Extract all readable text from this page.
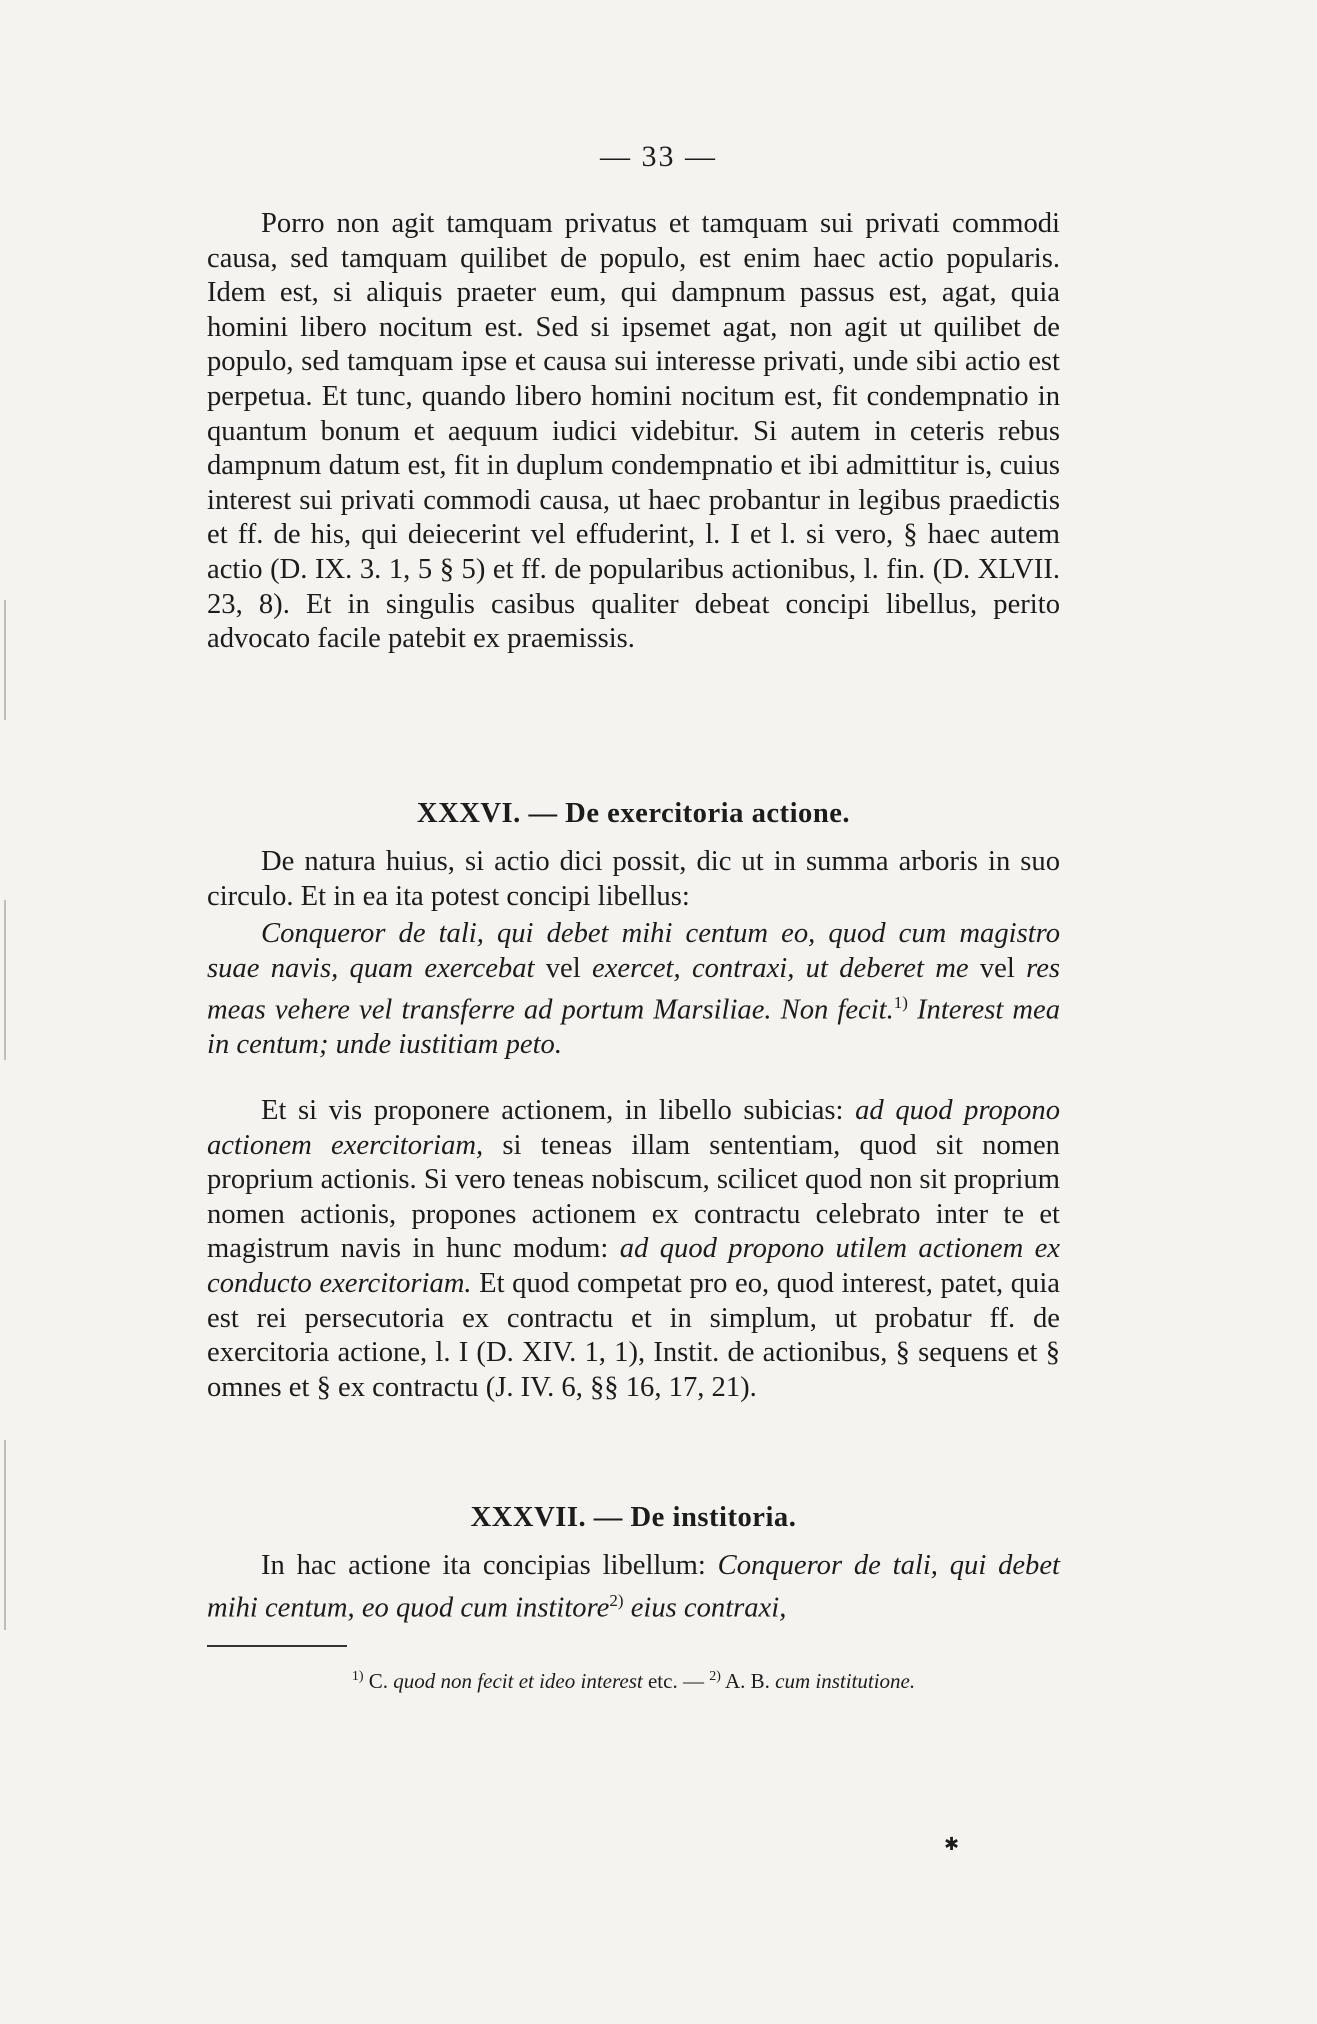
— 33 —
Porro non agit tamquam privatus et tamquam sui privati commodi causa, sed tamquam quilibet de populo, est enim haec actio popularis. Idem est, si aliquis praeter eum, qui dampnum passus est, agat, quia homini libero nocitum est. Sed si ipsemet agat, non agit ut quilibet de populo, sed tamquam ipse et causa sui interesse privati, unde sibi actio est perpetua. Et tunc, quando libero homini nocitum est, fit condempnatio in quantum bonum et aequum iudici videbitur. Si autem in ceteris rebus dampnum datum est, fit in duplum condempnatio et ibi admittitur is, cuius interest sui privati commodi causa, ut haec probantur in legibus praedictis et ff. de his, qui deiecerint vel effuderint, l. I et l. si vero, § haec autem actio (D. IX. 3. 1, 5 § 5) et ff. de popularibus actionibus, l. fin. (D. XLVII. 23, 8). Et in singulis casibus qualiter debeat concipi libellus, perito advocato facile patebit ex praemissis.
XXXVI. — De exercitoria actione.
De natura huius, si actio dici possit, dic ut in summa arboris in suo circulo. Et in ea ita potest concipi libellus:
Conqueror de tali, qui debet mihi centum eo, quod cum magistro suae navis, quam exercebat vel exercet, contraxi, ut deberet me vel res meas vehere vel transferre ad portum Marsiliae. Non fecit.$^{1)}$ Interest mea in centum; unde iustitiam peto.
Et si vis proponere actionem, in libello subicias: ad quod propono actionem exercitoriam, si teneas illam sententiam, quod sit nomen proprium actionis. Si vero teneas nobiscum, scilicet quod non sit proprium nomen actionis, propones actionem ex contractu celebrato inter te et magistrum navis in hunc modum: ad quod propono utilem actionem ex conducto exercitoriam. Et quod competat pro eo, quod interest, patet, quia est rei persecutoria ex contractu et in simplum, ut probatur ff. de exercitoria actione, l. I (D. XIV. 1, 1), Instit. de actionibus, § sequens et § omnes et § ex contractu (J. IV. 6, §§ 16, 17, 21).
XXXVII. — De institoria.
In hac actione ita concipias libellum: Conqueror de tali, qui debet mihi centum, eo quod cum institore$^{2)}$ eius contraxi,
$^{1)}$ C. quod non fecit et ideo interest etc. — $^{2)}$ A. B. cum institutione.
✱
